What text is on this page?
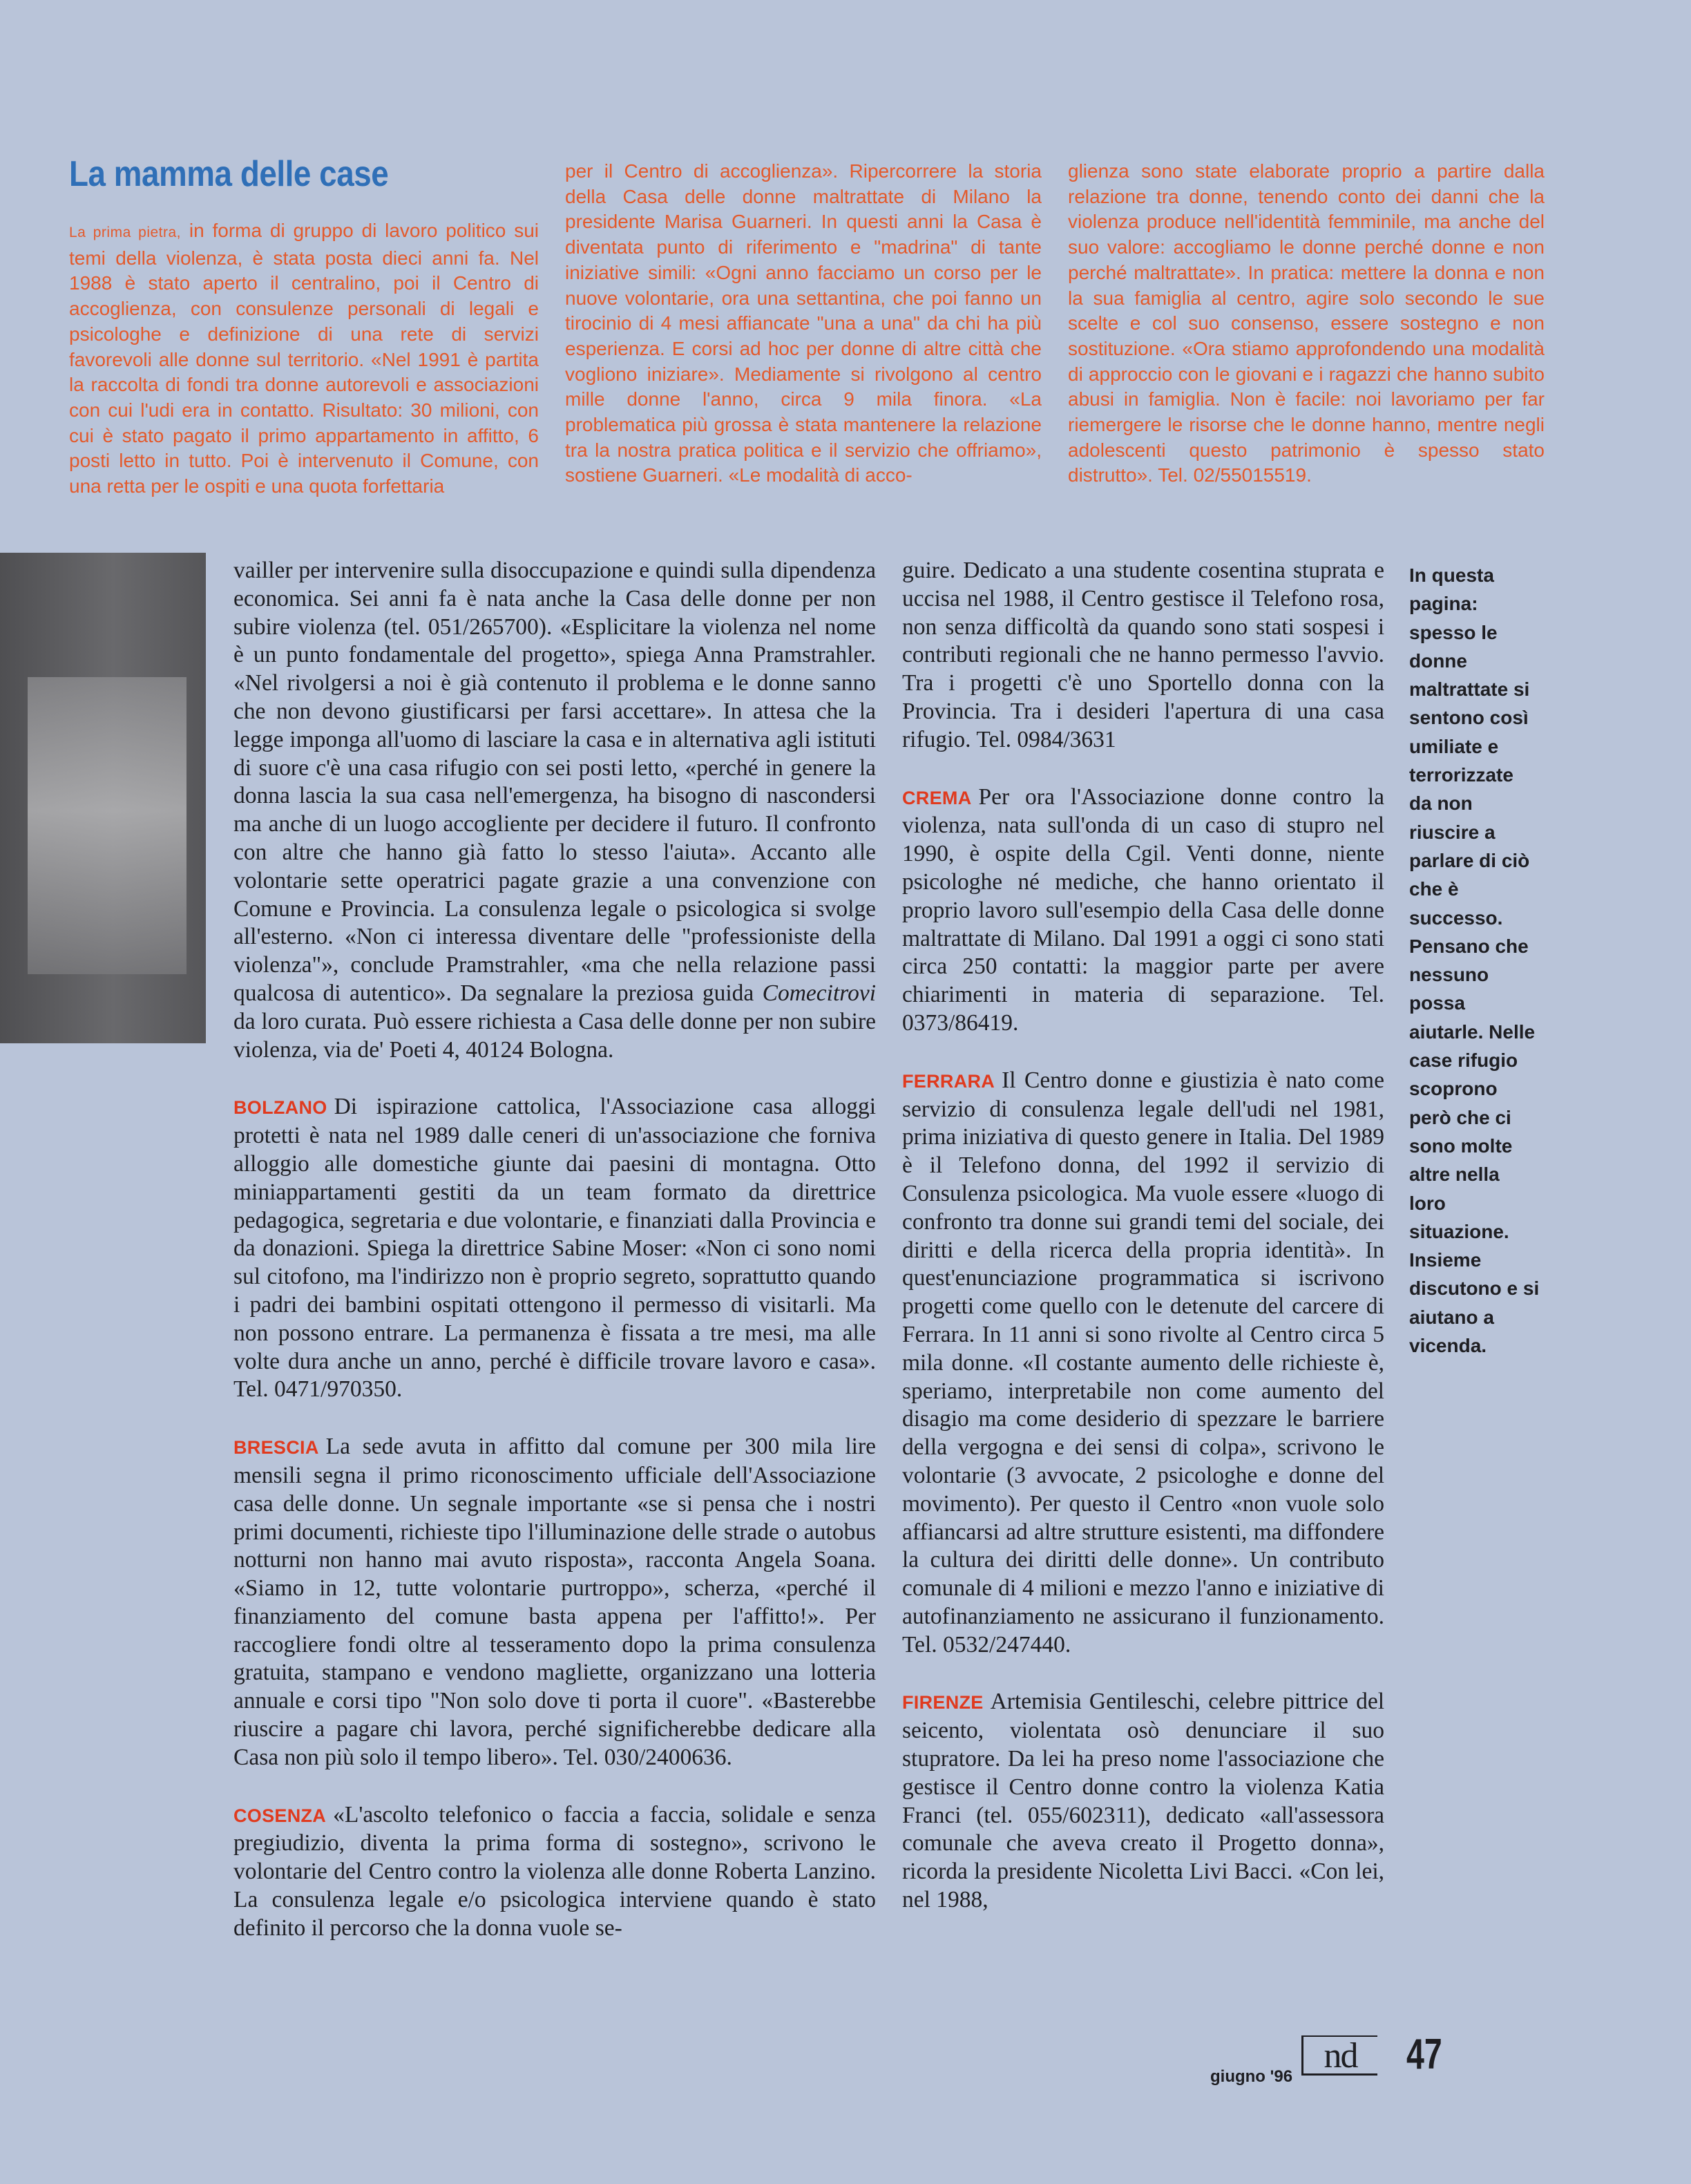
La mamma delle case

La prima pietra, in forma di gruppo di lavoro politico sui temi della violenza, è stata posta dieci anni fa. Nel 1988 è stato aperto il centralino, poi il Centro di accoglienza, con consulenze personali di legali e psicologhe e definizione di una rete di servizi favorevoli alle donne sul territorio. «Nel 1991 è partita la raccolta di fondi tra donne autorevoli e associazioni con cui l'udi era in contatto. Risultato: 30 milioni, con cui è stato pagato il primo appartamento in affitto, 6 posti letto in tutto. Poi è intervenuto il Comune, con una retta per le ospiti e una quota forfettaria

per il Centro di accoglienza». Ripercorrere la storia della Casa delle donne maltrattate di Milano la presidente Marisa Guarneri. In questi anni la Casa è diventata punto di riferimento e "madrina" di tante iniziative simili: «Ogni anno facciamo un corso per le nuove volontarie, ora una settantina, che poi fanno un tirocinio di 4 mesi affiancate "una a una" da chi ha più esperienza. E corsi ad hoc per donne di altre città che vogliono iniziare». Mediamente si rivolgono al centro mille donne l'anno, circa 9 mila finora. «La problematica più grossa è stata mantenere la relazione tra la nostra pratica politica e il servizio che offriamo», sostiene Guarneri. «Le modalità di acco-

glienza sono state elaborate proprio a partire dalla relazione tra donne, tenendo conto dei danni che la violenza produce nell'identità femminile, ma anche del suo valore: accogliamo le donne perché donne e non perché maltrattate». In pratica: mettere la donna e non la sua famiglia al centro, agire solo secondo le sue scelte e col suo consenso, essere sostegno e non sostituzione. «Ora stiamo approfondendo una modalità di approccio con le giovani e i ragazzi che hanno subito abusi in famiglia. Non è facile: noi lavoriamo per far riemergere le risorse che le donne hanno, mentre negli adolescenti questo patrimonio è spesso stato distrutto». Tel. 02/55015519.

vailler per intervenire sulla disoccupazione e quindi sulla dipendenza economica. Sei anni fa è nata anche la Casa delle donne per non subire violenza (tel. 051/265700). «Esplicitare la violenza nel nome è un punto fondamentale del progetto», spiega Anna Pramstrahler. «Nel rivolgersi a noi è già contenuto il problema e le donne sanno che non devono giustificarsi per farsi accettare». In attesa che la legge imponga all'uomo di lasciare la casa e in alternativa agli istituti di suore c'è una casa rifugio con sei posti letto, «perché in genere la donna lascia la sua casa nell'emergenza, ha bisogno di nascondersi ma anche di un luogo accogliente per decidere il futuro. Il confronto con altre che hanno già fatto lo stesso l'aiuta». Accanto alle volontarie sette operatrici pagate grazie a una convenzione con Comune e Provincia. La consulenza legale o psicologica si svolge all'esterno. «Non ci interessa diventare delle "professioniste della violenza"», conclude Pramstrahler, «ma che nella relazione passi qualcosa di autentico». Da segnalare la preziosa guida Comecitrovi da loro curata. Può essere richiesta a Casa delle donne per non subire violenza, via de' Poeti 4, 40124 Bologna.

BOLZANO Di ispirazione cattolica, l'Associazione casa alloggi protetti è nata nel 1989 dalle ceneri di un'associazione che forniva alloggio alle domestiche giunte dai paesini di montagna. Otto miniappartamenti gestiti da un team formato da direttrice pedagogica, segretaria e due volontarie, e finanziati dalla Provincia e da donazioni. Spiega la direttrice Sabine Moser: «Non ci sono nomi sul citofono, ma l'indirizzo non è proprio segreto, soprattutto quando i padri dei bambini ospitati ottengono il permesso di visitarli. Ma non possono entrare. La permanenza è fissata a tre mesi, ma alle volte dura anche un anno, perché è difficile trovare lavoro e casa». Tel. 0471/970350.

BRESCIA La sede avuta in affitto dal comune per 300 mila lire mensili segna il primo riconoscimento ufficiale dell'Associazione casa delle donne. Un segnale importante «se si pensa che i nostri primi documenti, richieste tipo l'illuminazione delle strade o autobus notturni non hanno mai avuto risposta», racconta Angela Soana. «Siamo in 12, tutte volontarie purtroppo», scherza, «perché il finanziamento del comune basta appena per l'affitto!». Per raccogliere fondi oltre al tesseramento dopo la prima consulenza gratuita, stampano e vendono magliette, organizzano una lotteria annuale e corsi tipo "Non solo dove ti porta il cuore". «Basterebbe riuscire a pagare chi lavora, perché significherebbe dedicare alla Casa non più solo il tempo libero». Tel. 030/2400636.

COSENZA «L'ascolto telefonico o faccia a faccia, solidale e senza pregiudizio, diventa la prima forma di sostegno», scrivono le volontarie del Centro contro la violenza alle donne Roberta Lanzino. La consulenza legale e/o psicologica interviene quando è stato definito il percorso che la donna vuole se-

guire. Dedicato a una studente cosentina stuprata e uccisa nel 1988, il Centro gestisce il Telefono rosa, non senza difficoltà da quando sono stati sospesi i contributi regionali che ne hanno permesso l'avvio. Tra i progetti c'è uno Sportello donna con la Provincia. Tra i desideri l'apertura di una casa rifugio. Tel. 0984/3631

CREMA Per ora l'Associazione donne contro la violenza, nata sull'onda di un caso di stupro nel 1990, è ospite della Cgil. Venti donne, niente psicologhe né mediche, che hanno orientato il proprio lavoro sull'esempio della Casa delle donne maltrattate di Milano. Dal 1991 a oggi ci sono stati circa 250 contatti: la maggior parte per avere chiarimenti in materia di separazione. Tel. 0373/86419.

FERRARA Il Centro donne e giustizia è nato come servizio di consulenza legale dell'udi nel 1981, prima iniziativa di questo genere in Italia. Del 1989 è il Telefono donna, del 1992 il servizio di Consulenza psicologica. Ma vuole essere «luogo di confronto tra donne sui grandi temi del sociale, dei diritti e della ricerca della propria identità». In quest'enunciazione programmatica si iscrivono progetti come quello con le detenute del carcere di Ferrara. In 11 anni si sono rivolte al Centro circa 5 mila donne. «Il costante aumento delle richieste è, speriamo, interpretabile non come aumento del disagio ma come desiderio di spezzare le barriere della vergogna e dei sensi di colpa», scrivono le volontarie (3 avvocate, 2 psicologhe e donne del movimento). Per questo il Centro «non vuole solo affiancarsi ad altre strutture esistenti, ma diffondere la cultura dei diritti delle donne». Un contributo comunale di 4 milioni e mezzo l'anno e iniziative di autofinanziamento ne assicurano il funzionamento. Tel. 0532/247440.

FIRENZE Artemisia Gentileschi, celebre pittrice del seicento, violentata osò denunciare il suo stupratore. Da lei ha preso nome l'associazione che gestisce il Centro donne contro la violenza Katia Franci (tel. 055/602311), dedicato «all'assessora comunale che aveva creato il Progetto donna», ricorda la presidente Nicoletta Livi Bacci. «Con lei, nel 1988,

In questa pagina: spesso le donne maltrattate si sentono così umiliate e terrorizzate da non riuscire a parlare di ciò che è successo. Pensano che nessuno possa aiutarle. Nelle case rifugio scoprono però che ci sono molte altre nella loro situazione. Insieme discutono e si aiutano a vicenda.

giugno '96
nd	47
